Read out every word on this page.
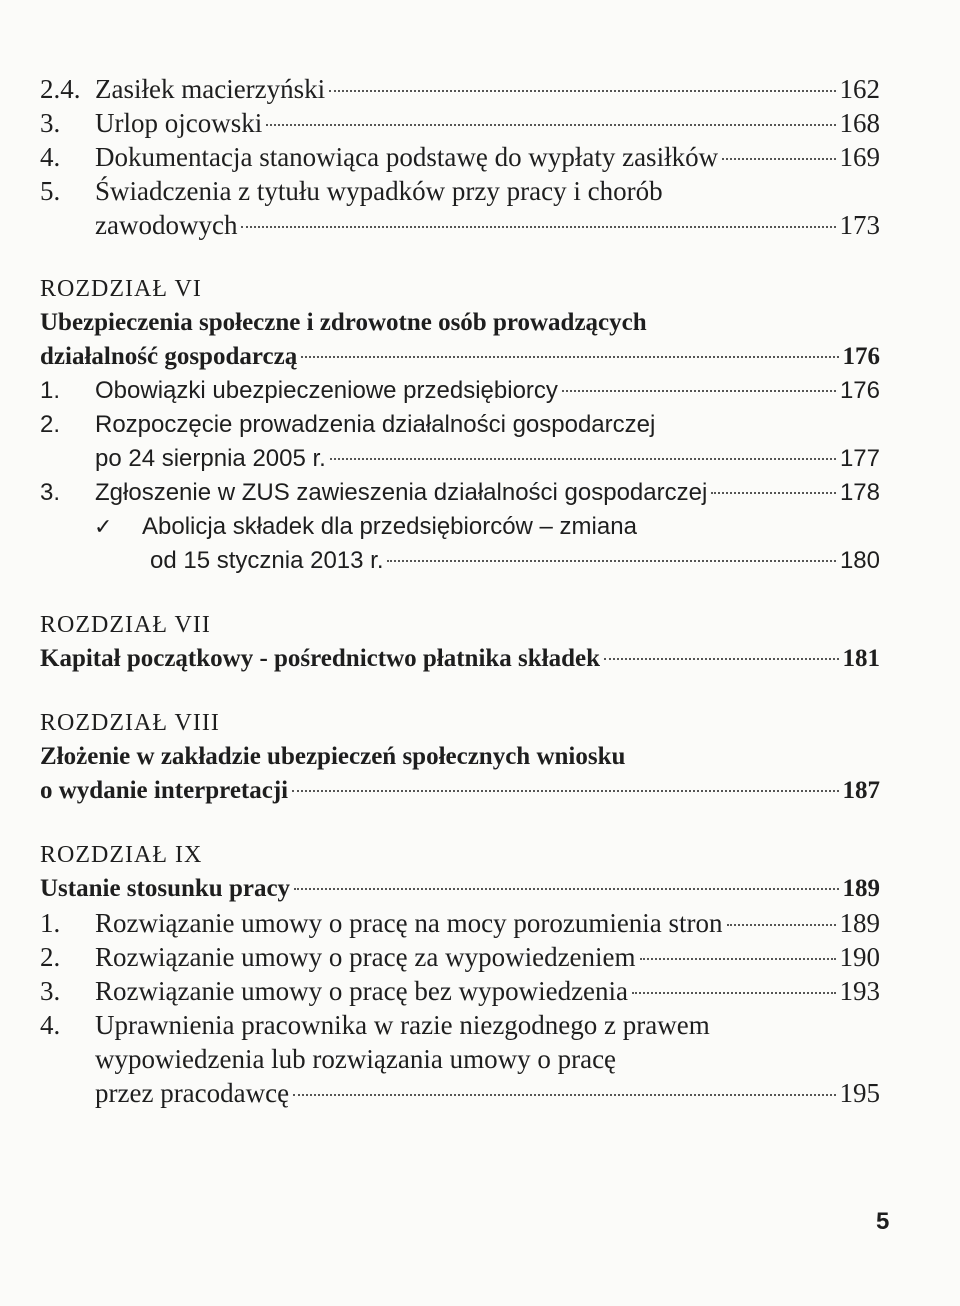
2.4. Zasiłek macierzyński	162
3.	Urlop ojcowski	168
4.	Dokumentacja stanowiąca podstawę do wypłaty zasiłków	169
5.	Świadczenia z tytułu wypadków przy pracy i chorób
zawodowych	173
ROZDZIAŁ VI
Ubezpieczenia społeczne i zdrowotne osób prowadzących
działalność gospodarczą	176
1.	Obowiązki ubezpieczeniowe przedsiębiorcy	176
2.	Rozpoczęcie prowadzenia działalności gospodarczej
po 24 sierpnia 2005 r.	177
3.	Zgłoszenie w ZUS zawieszenia działalności gospodarczej	178
✓	Abolicja składek dla przedsiębiorców – zmiana
od 15 stycznia 2013 r.	180
ROZDZIAŁ VII
Kapitał początkowy - pośrednictwo płatnika składek	181
ROZDZIAŁ VIII
Złożenie w zakładzie ubezpieczeń społecznych wniosku
o wydanie interpretacji	187
ROZDZIAŁ IX
Ustanie stosunku pracy	189
1.	Rozwiązanie umowy o pracę na mocy porozumienia stron	189
2.	Rozwiązanie umowy o pracę za wypowiedzeniem	190
3.	Rozwiązanie umowy o pracę bez wypowiedzenia	193
4.	Uprawnienia pracownika w razie niezgodnego z prawem
wypowiedzenia lub rozwiązania umowy o pracę
przez pracodawcę	195
5
